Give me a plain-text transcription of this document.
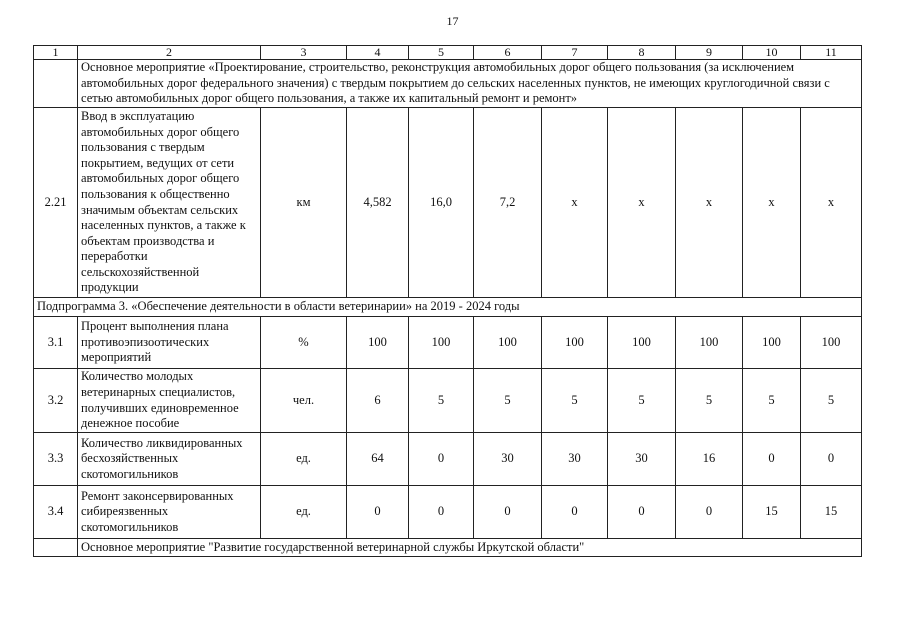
17
1	2	3	4	5	6	7	8	9	10	11
	Основное мероприятие «Проектирование, строительство, реконструкция автомобильных дорог общего пользования (за исключением автомобильных дорог федерального значения) с твердым покрытием до сельских населенных пунктов, не имеющих круглогодичной связи с сетью автомобильных дорог общего пользования, а также их капитальный ремонт и ремонт»									
2.21	Ввод в эксплуатацию автомобильных дорог общего пользования с твердым покрытием, ведущих от сети автомобильных дорог общего пользования к общественно значимым объектам сельских населенных пунктов, а также к объектам производства и переработки сельскохозяйственной продукции	км	4,582	16,0	7,2	х	х	х	х	х
Подпрограмма 3. «Обеспечение деятельности в области ветеринарии» на 2019 - 2024 годы										
3.1	Процент выполнения плана противоэпизоотических мероприятий	%	100	100	100	100	100	100	100	100
3.2	Количество молодых ветеринарных специалистов, получивших единовременное денежное пособие	чел.	6	5	5	5	5	5	5	5
3.3	Количество ликвидированных бесхозяйственных скотомогильников	ед.	64	0	30	30	30	16	0	0
3.4	Ремонт законсервированных сибиреязвенных скотомогильников	ед.	0	0	0	0	0	0	15	15
	Основное мероприятие "Развитие государственной ветеринарной службы Иркутской области"									
